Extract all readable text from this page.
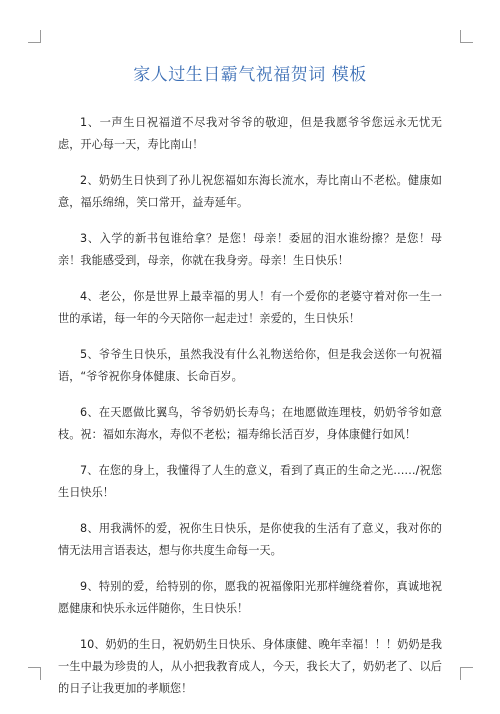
家人过生日霸气祝福贺词 模板

1、一声生日祝福道不尽我对爷爷的敬迎，但是我愿爷爷您远永无忧无虑，开心每一天，寿比南山！

2、奶奶生日快到了孙儿祝您福如东海长流水，寿比南山不老松。健康如意，福乐绵绵，笑口常开，益寿延年。

3、入学的新书包谁给拿？是您！母亲！委屈的泪水谁纷擦？是您！母亲！我能感受到，母亲，你就在我身旁。母亲！生日快乐！

4、老公，你是世界上最幸福的男人！有一个爱你的老婆守着对你一生一世的承诺，每一年的今天陪你一起走过！亲爱的，生日快乐！

5、爷爷生日快乐，虽然我没有什么礼物送给你，但是我会送你一句祝福语，“爷爷祝你身体健康、长命百岁。

6、在天愿做比翼鸟，爷爷奶奶长寿鸟；在地愿做连理枝，奶奶爷爷如意枝。祝：福如东海水，寿似不老松；福寿绵长活百岁，身体康健行如风！

7、在您的身上，我懂得了人生的意义，看到了真正的生命之光……/祝您生日快乐！

8、用我满怀的爱，祝你生日快乐，是你使我的生活有了意义，我对你的情无法用言语表达，想与你共度生命每一天。

9、特别的爱，给特别的你，愿我的祝福像阳光那样缠绕着你，真诚地祝愿健康和快乐永远伴随你，生日快乐！

10、奶奶的生日，祝奶奶生日快乐、身体康健、晚年幸福！！！奶奶是我一生中最为珍贵的人，从小把我教育成人，今天，我长大了，奶奶老了、以后的日子让我更加的孝顺您！
